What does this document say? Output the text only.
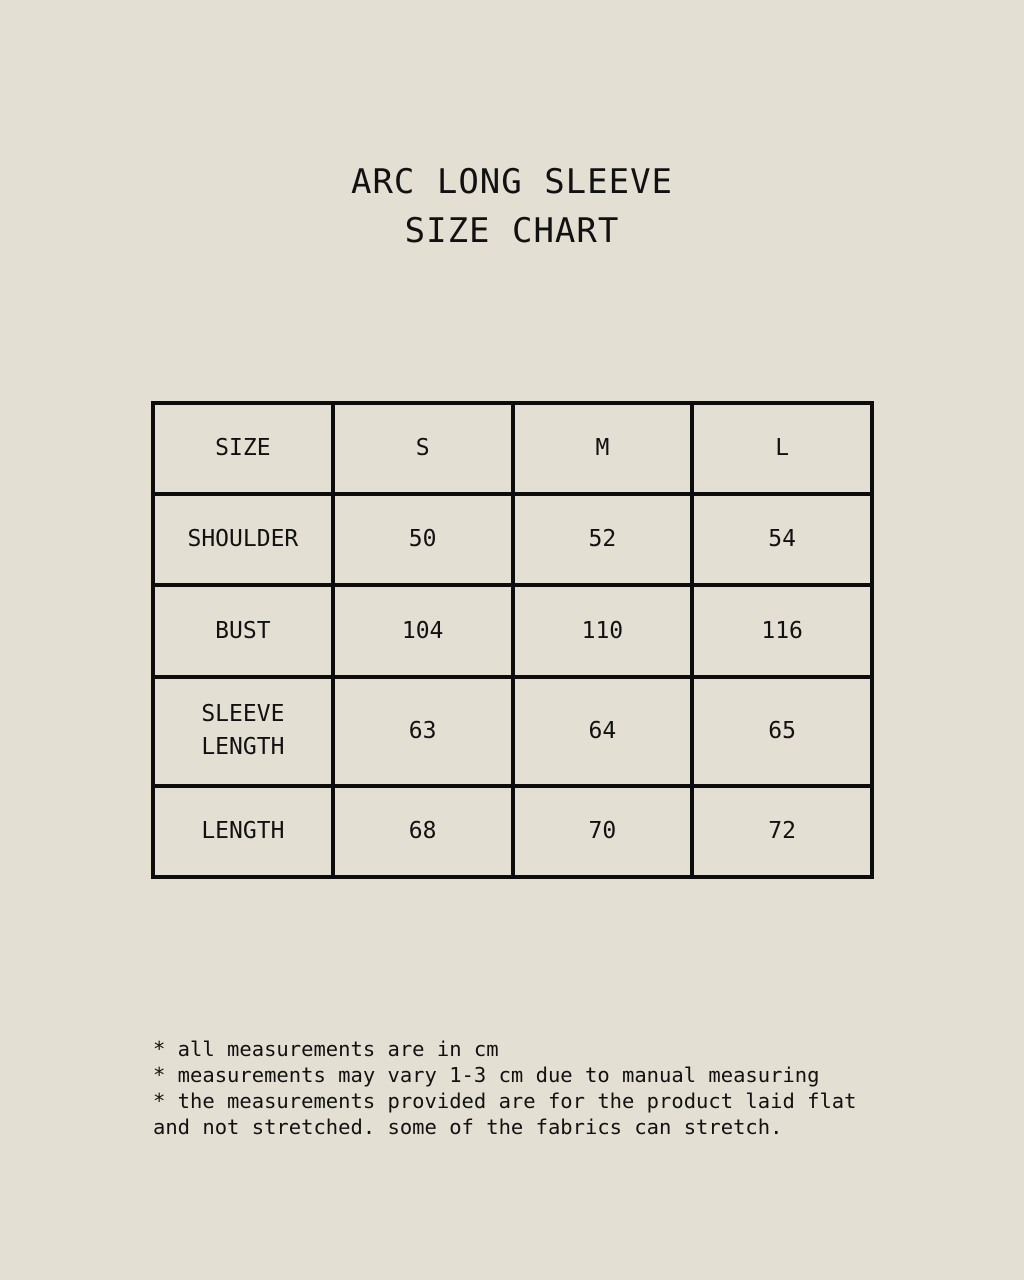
ARC LONG SLEEVE
SIZE CHART
SIZE	S	M	L
SHOULDER	50	52	54
BUST	104	110	116

SLEEVE
LENGTH	63	64	65
LENGTH	68	70	72
* all measurements are in cm
* measurements may vary 1-3 cm due to manual measuring
* the measurements provided are for the product laid flat
and not stretched. some of the fabrics can stretch.
